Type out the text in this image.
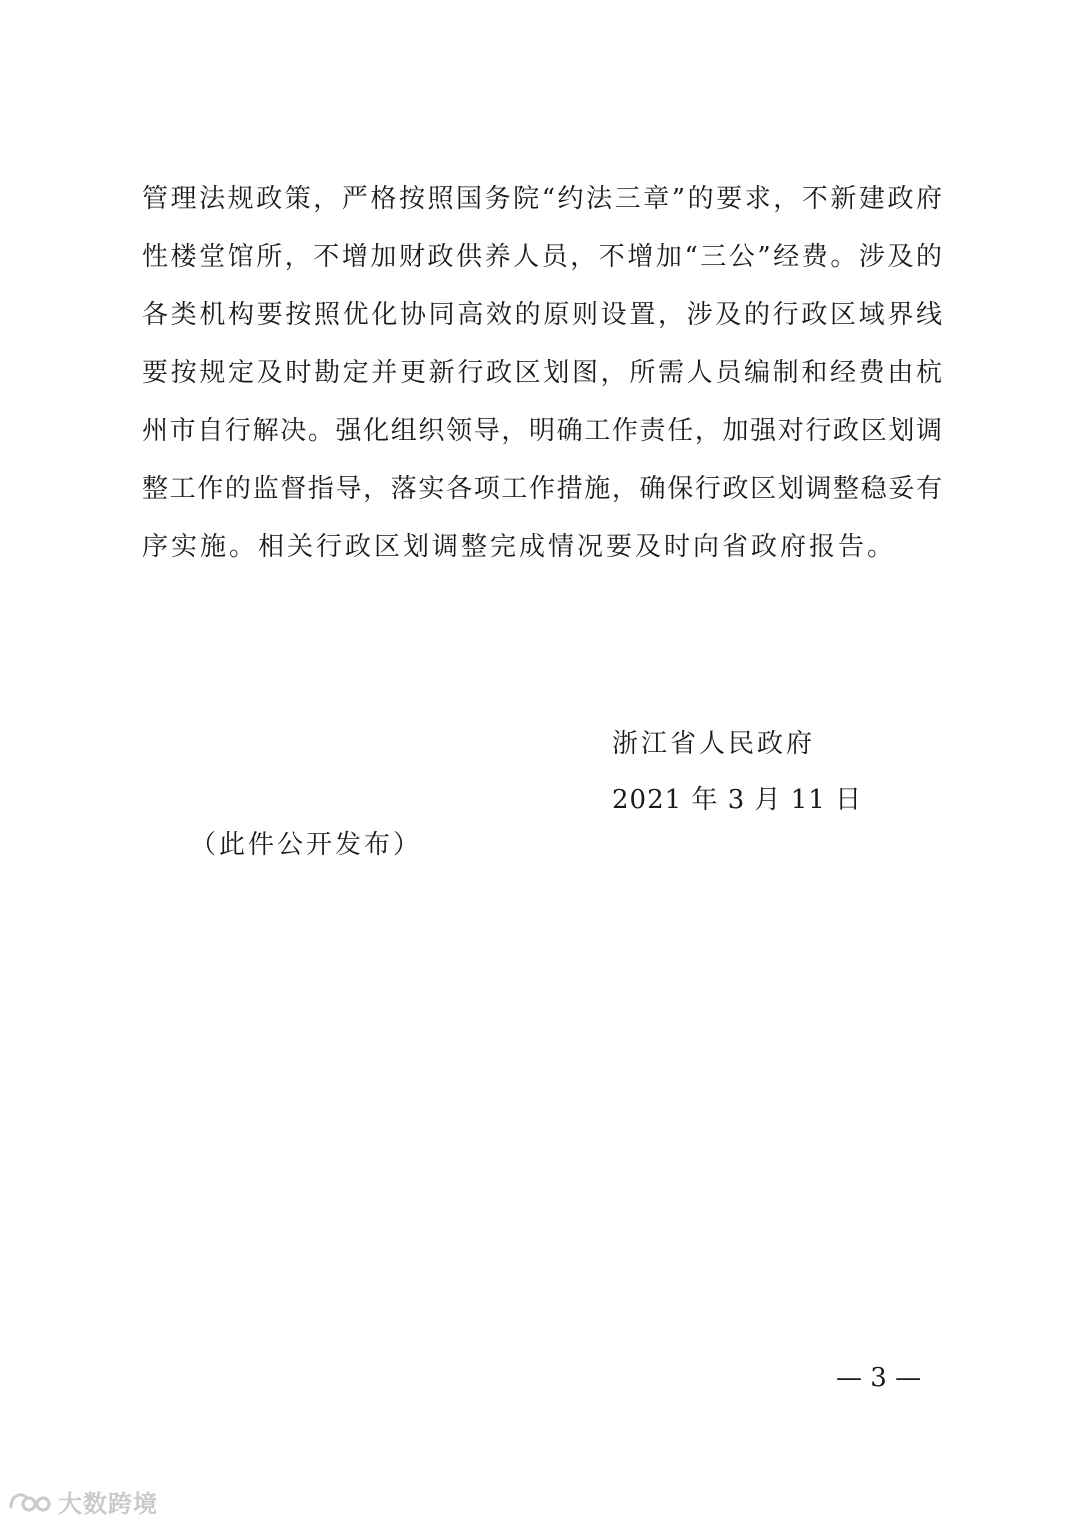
管理法规政策，严格按照国务院“约法三章”的要求，不新建政府
性楼堂馆所，不增加财政供养人员，不增加“三公”经费。涉及的
各类机构要按照优化协同高效的原则设置，涉及的行政区域界线
要按规定及时勘定并更新行政区划图，所需人员编制和经费由杭
州市自行解决。强化组织领导，明确工作责任，加强对行政区划调
整工作的监督指导，落实各项工作措施，确保行政区划调整稳妥有
序实施。相关行政区划调整完成情况要及时向省政府报告。
浙江省人民政府
2021 年 3 月 11 日
（此件公开发布）
— 3 —
大数跨境
